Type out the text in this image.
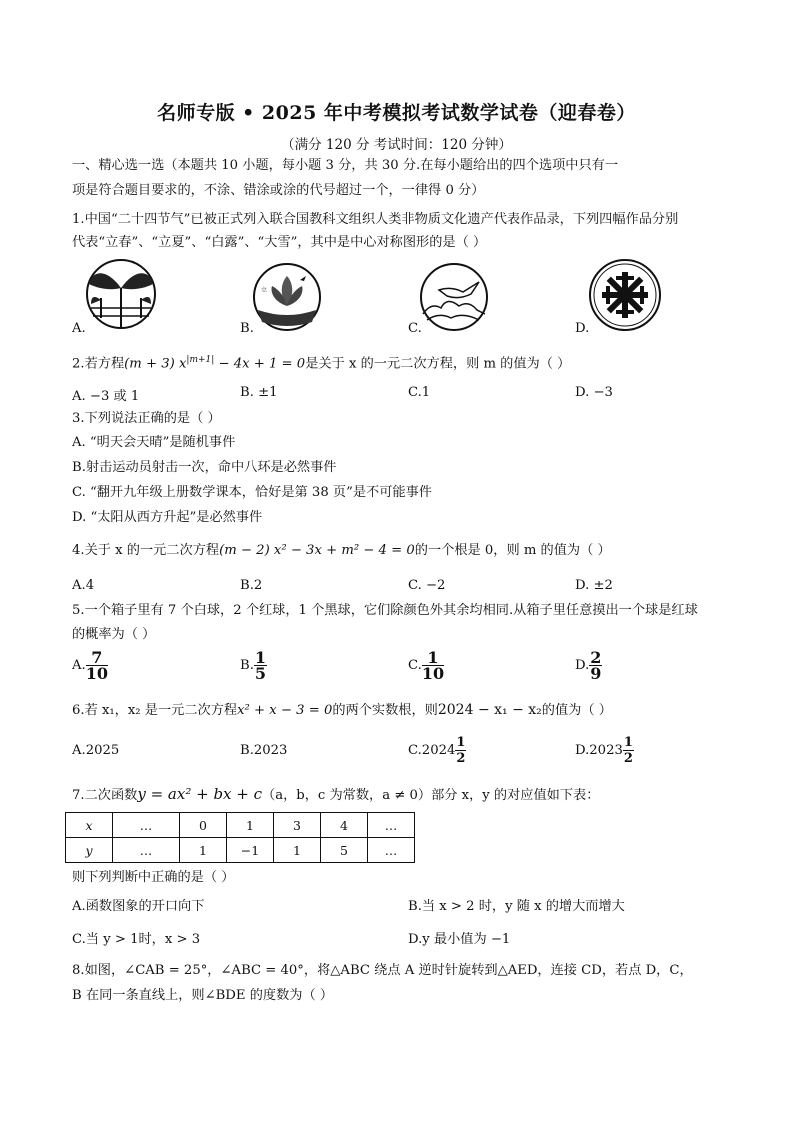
名师专版 • 2025 年中考模拟考试数学试卷（迎春卷）
（满分 120 分 考试时间：120 分钟）
一、精心选一选（本题共 10 小题，每小题 3 分，共 30 分.在每小题给出的四个选项中只有一
项是符合题目要求的，不涂、错涂或涂的代号超过一个，一律得 0 分）
1.中国“二十四节气”已被正式列入联合国教科文组织人类非物质文化遗产代表作品录，下列四幅作品分别
代表“立春”、“立夏”、“白露”、“大雪”，其中是中心对称图形的是（ ）
立
A.	B.	C.	D.
2.若方程(m + 3) $x^{|m+1|} - 4x + 1 = 0$是关于 x 的一元二次方程，则 m 的值为（ ）
A. −3 或 1	B. ±1	C.1	D. −3
3.下列说法正确的是（ ）
A. “明天会天晴”是随机事件
B.射击运动员射击一次，命中八环是必然事件
C. “翻开九年级上册数学课本，恰好是第 38 页”是不可能事件
D. “太阳从西方升起”是必然事件
4.关于 x 的一元二次方程(m − 2) x² − 3x + m² − 4 = 0的一个根是 0，则 m 的值为（ ）
A.4	B.2	C. −2	D. ±2
5.一个箱子里有 7 个白球，2 个红球，1 个黑球，它们除颜色外其余均相同.从箱子里任意摸出一个球是红球
的概率为（ ）
A. $\frac{7}{10}$	B. $\frac{1}{5}$	C. $\frac{1}{10}$	D. $\frac{2}{9}$
6.若 x₁，x₂ 是一元二次方程x² + x − 3 = 0的两个实数根，则2024 − x₁ − x₂的值为（ ）
A.2025	B.2023	$C.2024 \frac{1}{2}$	$D.2023 \frac{1}{2}$
7.二次函数y = ax² + bx + c（a，b，c 为常数，a ≠ 0）部分 x，y 的对应值如下表：
x	…	0	1	3	4	…
y	…	1	−1	1	5	…
则下列判断中正确的是（ ）
A.函数图象的开口向下	B.当 x > 2 时，y 随 x 的增大而增大
C.当 y > 1时，x > 3	D.y 最小值为 −1
8.如图，∠CAB = 25°，∠ABC = 40°，将△ABC 绕点 A 逆时针旋转到△AED，连接 CD，若点 D，C，
B 在同一条直线上，则∠BDE 的度数为（ ）
